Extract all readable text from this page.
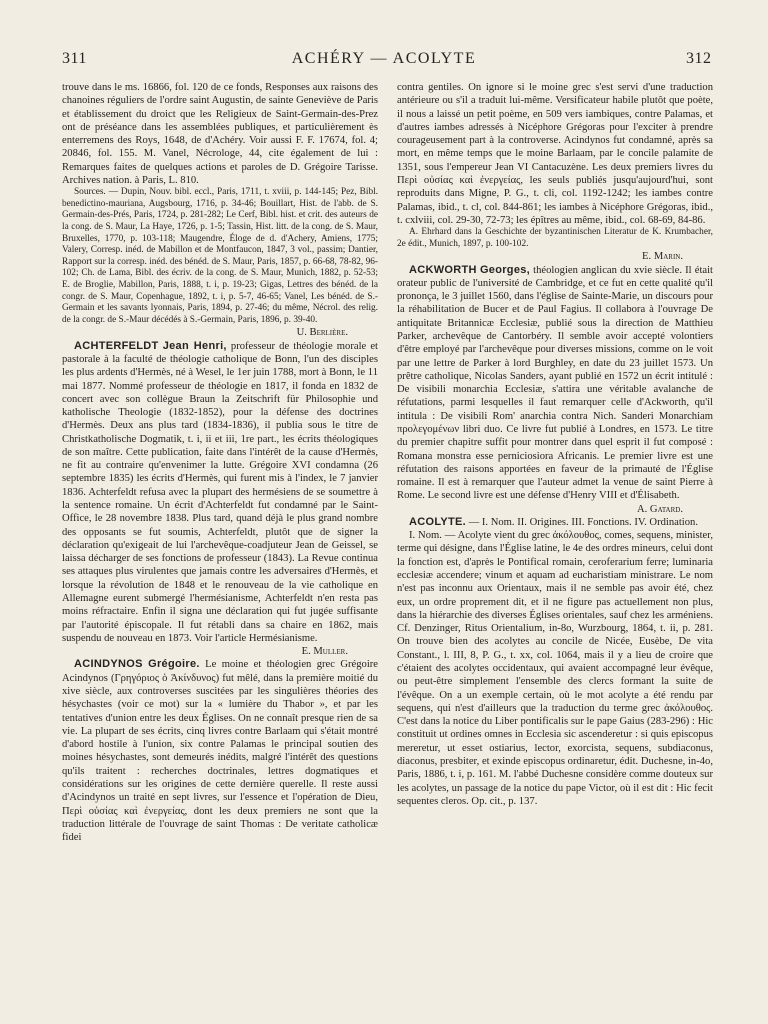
311	ACHÉRY — ACOLYTE	312

trouve dans le ms. 16866, fol. 120 de ce fonds, Responses aux raisons des chanoines réguliers de l'ordre saint Augustin, de sainte Geneviève de Paris et établissement du droict que les Religieux de Saint-Germain-des-Prez ont de préséance dans les assemblées publiques, et particulièrement ès enterremens des Roys, 1648, de d'Achéry. Voir aussi F. F. 17674, fol. 4; 20846, fol. 155. M. Vanel, Nécrologe, 44, cite également de lui : Remarques faites de quelques actions et paroles de D. Grégoire Tarisse. Archives nation. à Paris, L. 810.

Sources. — Dupin, Nouv. bibl. eccl., Paris, 1711, t. xviii, p. 144-145; Pez, Bibl. benedictino-mauriana, Augsbourg, 1716, p. 34-46; Bouillart, Hist. de l'abb. de S. Germain-des-Prés, Paris, 1724, p. 281-282; Le Cerf, Bibl. hist. et crit. des auteurs de la cong. de S. Maur, La Haye, 1726, p. 1-5; Tassin, Hist. litt. de la cong. de S. Maur, Bruxelles, 1770, p. 103-118; Maugendre, Éloge de d. d'Achery, Amiens, 1775; Valery, Corresp. inéd. de Mabillon et de Montfaucon, 1847, 3 vol., passim; Dantier, Rapport sur la corresp. inéd. des bénéd. de S. Maur, Paris, 1857, p. 66-68, 78-82, 96-102; Ch. de Lama, Bibl. des écriv. de la cong. de S. Maur, Munich, 1882, p. 52-53; E. de Broglie, Mabillon, Paris, 1888, t. i, p. 19-23; Gigas, Lettres des bénéd. de la congr. de S. Maur, Copenhague, 1892, t. i, p. 5-7, 46-65; Vanel, Les bénéd. de S.-Germain et les savants lyonnais, Paris, 1894, p. 27-46; du même, Nécrol. des relig. de la congr. de S.-Maur décédés à S.-Germain, Paris, 1896, p. 39-40.

U. Berlière.

ACHTERFELDT Jean Henri, professeur de théologie morale et pastorale à la faculté de théologie catholique de Bonn, l'un des disciples les plus ardents d'Hermès, né à Wesel, le 1er juin 1788, mort à Bonn, le 11 mai 1877. Nommé professeur de théologie en 1817, il fonda en 1832 de concert avec son collègue Braun la Zeitschrift für Philosophie und katholische Theologie (1832-1852), pour la défense des doctrines d'Hermès. Deux ans plus tard (1834-1836), il publia sous le titre de Christkatholische Dogmatik, t. i, ii et iii, 1re part., les écrits théologiques de son maître. Cette publication, faite dans l'intérêt de la cause d'Hermès, ne fit au contraire qu'envenimer la lutte. Grégoire XVI condamna (26 septembre 1835) les écrits d'Hermès, qui furent mis à l'index, le 7 janvier 1836. Achterfeldt refusa avec la plupart des hermésiens de se soumettre à la sentence romaine. Un écrit d'Achterfeldt fut condamné par le Saint-Office, le 28 novembre 1838. Plus tard, quand déjà le plus grand nombre des opposants se fut soumis, Achterfeldt, plutôt que de signer la déclaration qu'exigeait de lui l'archevêque-coadjuteur Jean de Geissel, se laissa décharger de ses fonctions de professeur (1843). La Revue continua ses attaques plus virulentes que jamais contre les adversaires d'Hermès, et lorsque la révolution de 1848 et le renouveau de la vie catholique en Allemagne eurent submergé l'hermésianisme, Achterfeldt n'en resta pas moins réfractaire. Enfin il signa une déclaration qui fut jugée suffisante par l'autorité épiscopale. Il fut rétabli dans sa chaire en 1862, mais suspendu de nouveau en 1873. Voir l'article Hermésianisme.

E. Muller.

ACINDYNOS Grégoire. Le moine et théologien grec Grégoire Acindynos (Γρηγόριος ὁ Ἀκίνδυνος) fut mêlé, dans la première moitié du xive siècle, aux controverses suscitées par les singulières théories des hésychastes (voir ce mot) sur la « lumière du Thabor », et par les tentatives d'union entre les deux Églises. On ne connaît presque rien de sa vie. La plupart de ses écrits, cinq livres contre Barlaam qui s'était montré d'abord hostile à l'union, six contre Palamas le principal soutien des moines hésychastes, sont demeurés inédits, malgré l'intérêt des questions qu'ils traitent : recherches doctrinales, lettres dogmatiques et considérations sur les origines de cette dernière querelle. Il reste aussi d'Acindynos un traité en sept livres, sur l'essence et l'opération de Dieu, Περὶ οὐσίας καὶ ἐνεργείας, dont les deux premiers ne sont que la traduction littérale de l'ouvrage de saint Thomas : De veritate catholicæ fidei

contra gentiles. On ignore si le moine grec s'est servi d'une traduction antérieure ou s'il a traduit lui-même. Versificateur habile plutôt que poète, il nous a laissé un petit poème, en 509 vers iambiques, contre Palamas, et d'autres iambes adressés à Nicéphore Grégoras pour l'exciter à prendre courageusement part à la controverse. Acindynos fut condamné, après sa mort, en même temps que le moine Barlaam, par le concile palamite de 1351, sous l'empereur Jean VI Cantacuzène. Les deux premiers livres du Περὶ οὐσίας καὶ ἐνεργείας, les seuls publiés jusqu'aujourd'hui, sont reproduits dans Migne, P. G., t. cli, col. 1192-1242; les iambes contre Palamas, ibid., t. cl, col. 844-861; les iambes à Nicéphore Grégoras, ibid., t. cxlviii, col. 29-30, 72-73; les épîtres au même, ibid., col. 68-69, 84-86.

A. Ehrhard dans la Geschichte der byzantinischen Literatur de K. Krumbacher, 2e édit., Munich, 1897, p. 100-102.

E. Marin.

ACKWORTH Georges, théologien anglican du xvie siècle. Il était orateur public de l'université de Cambridge, et ce fut en cette qualité qu'il prononça, le 3 juillet 1560, dans l'église de Sainte-Marie, un discours pour la réhabilitation de Bucer et de Paul Fagius. Il collabora à l'ouvrage De antiquitate Britannicæ Ecclesiæ, publié sous la direction de Matthieu Parker, archevêque de Cantorbéry. Il semble avoir accepté volontiers d'être employé par l'archevêque pour diverses missions, comme on le voit par une lettre de Parker à lord Burghley, en date du 23 juillet 1573. Un prêtre catholique, Nicolas Sanders, ayant publié en 1572 un écrit intitulé : De visibili monarchia Ecclesiæ, s'attira une véritable avalanche de réfutations, parmi lesquelles il faut remarquer celle d'Ackworth, qu'il intitula : De visibili Rom' anarchia contra Nich. Sanderi Monarchiam προλεγομένων libri duo. Ce livre fut publié à Londres, en 1573. Le titre du premier chapitre suffit pour montrer dans quel esprit il fut composé : Romana monstra esse perniciosiora Africanis. Le premier livre est une réfutation des raisons apportées en faveur de la primauté de l'Église romaine. Il est à remarquer que l'auteur admet la venue de saint Pierre à Rome. Le second livre est une défense d'Henry VIII et d'Élisabeth.

A. Gatard.

ACOLYTE. — I. Nom. II. Origines. III. Fonctions. IV. Ordination.

I. Nom. — Acolyte vient du grec ἀκόλουθος, comes, sequens, minister, terme qui désigne, dans l'Église latine, le 4e des ordres mineurs, celui dont la fonction est, d'après le Pontifical romain, ceroferarium ferre; luminaria ecclesiæ accendere; vinum et aquam ad eucharistiam ministrare. Le nom n'est pas inconnu aux Orientaux, mais il ne semble pas avoir été, chez eux, un ordre proprement dit, et il ne figure pas actuellement non plus, dans la hiérarchie des diverses Églises orientales, sauf chez les arméniens. Cf. Denzinger, Ritus Orientalium, in-8o, Wurzbourg, 1864, t. ii, p. 281. On trouve bien des acolytes au concile de Nicée, Eusèbe, De vita Constant., l. III, 8, P. G., t. xx, col. 1064, mais il y a lieu de croire que c'étaient des acolytes occidentaux, qui avaient accompagné leur évêque, ou peut-être simplement l'ensemble des clercs formant la suite de l'évêque. On a un exemple certain, où le mot acolyte a été rendu par sequens, qui n'est d'ailleurs que la traduction du terme grec ἀκόλουθος. C'est dans la notice du Liber pontificalis sur le pape Gaius (283-296) : Hic constituit ut ordines omnes in Ecclesia sic ascenderetur : si quis episcopus mereretur, ut esset ostiarius, lector, exorcista, sequens, subdiaconus, diaconus, presbiter, et exinde episcopus ordinaretur, édit. Duchesne, in-4o, Paris, 1886, t. i, p. 161. M. l'abbé Duchesne considère comme douteux sur les acolytes, un passage de la notice du pape Victor, où il est dit : Hic fecit sequentes cleros. Op. cit., p. 137.
